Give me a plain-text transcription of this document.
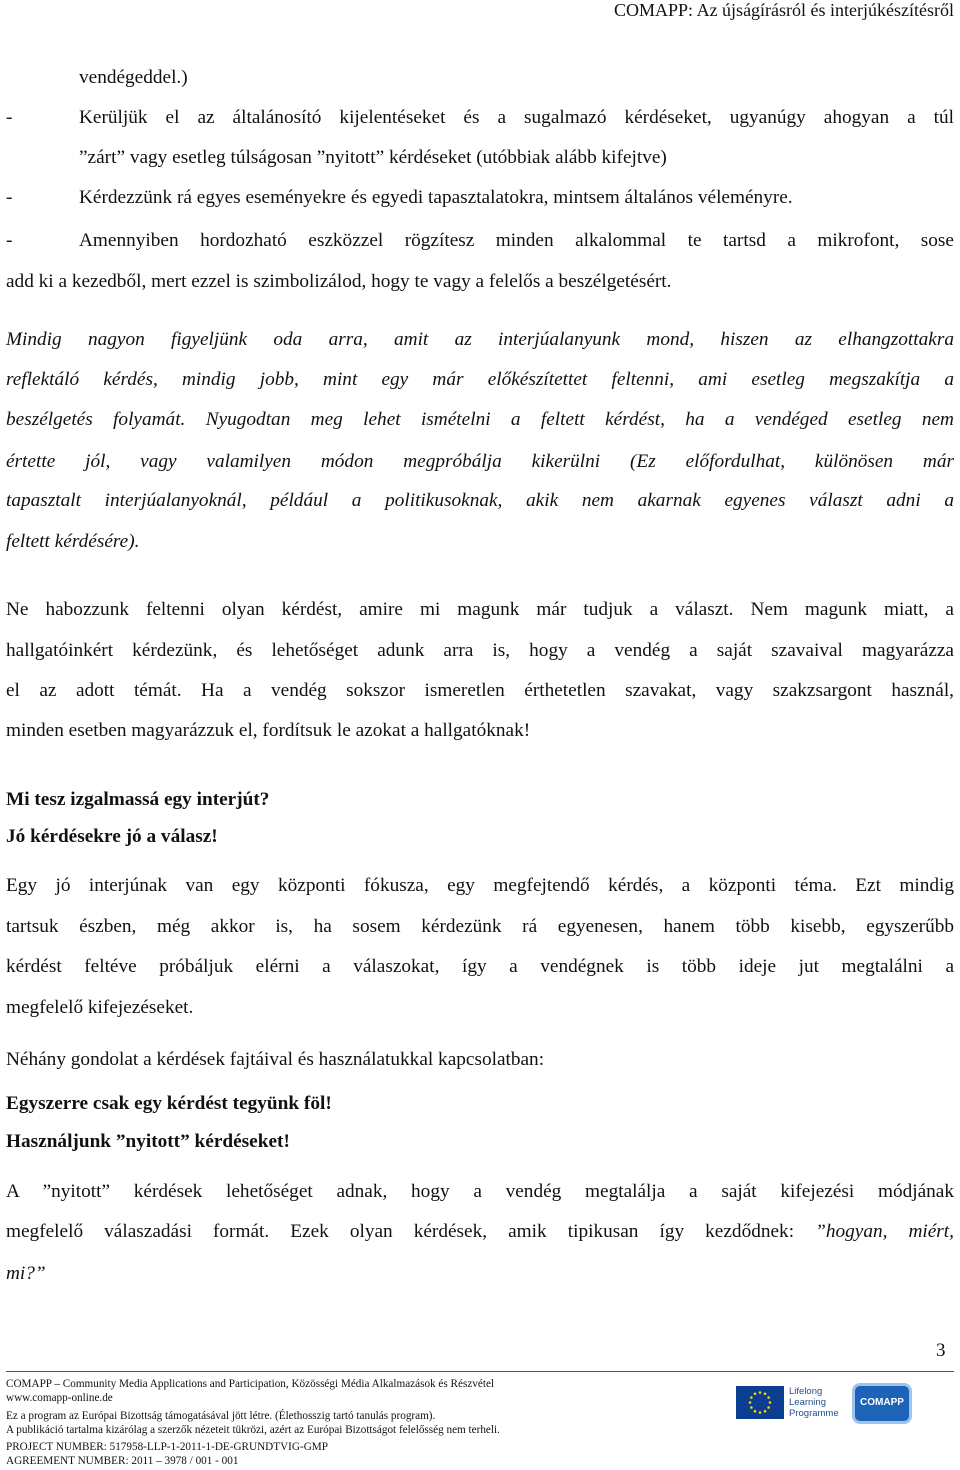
COMAPP: Az újságírásról és interjúkészítésről
vendégeddel.)
-	Kerüljük el az általánosító kijelentéseket és a sugalmazó kérdéseket, ugyanúgy ahogyan a túl
”zárt” vagy esetleg túlságosan ”nyitott” kérdéseket (utóbbiak alább kifejtve)
-	Kérdezzünk rá egyes eseményekre és egyedi tapasztalatokra, mintsem általános véleményre.
-	Amennyiben hordozható eszközzel rögzítesz minden alkalommal te tartsd a mikrofont, sose
add ki a kezedből, mert ezzel is szimbolizálod, hogy te vagy a felelős a beszélgetésért.
Mindig nagyon figyeljünk oda arra, amit az interjúalanyunk mond, hiszen az elhangzottakra
reflektáló kérdés, mindig jobb, mint egy már előkészítettet feltenni, ami esetleg megszakítja a
beszélgetés folyamát. Nyugodtan meg lehet ismételni a feltett kérdést, ha a vendéged esetleg nem
értette jól, vagy valamilyen módon megpróbálja kikerülni (Ez előfordulhat, különösen már
tapasztalt interjúalanyoknál, például a politikusoknak, akik nem akarnak egyenes választ adni a
feltett kérdésére).
Ne habozzunk feltenni olyan kérdést, amire mi magunk már tudjuk a választ. Nem magunk miatt, a
hallgatóinkért kérdezünk, és lehetőséget adunk arra is, hogy a vendég a saját szavaival magyarázza
el az adott témát. Ha a vendég sokszor ismeretlen érthetetlen szavakat, vagy szakzsargont használ,
minden esetben magyarázzuk el, fordítsuk le azokat a hallgatóknak!
Mi tesz izgalmassá egy interjút?
Jó kérdésekre jó a válasz!
Egy jó interjúnak van egy központi fókusza, egy megfejtendő kérdés, a központi téma. Ezt mindig
tartsuk észben, még akkor is, ha sosem kérdezünk rá egyenesen, hanem több kisebb, egyszerűbb
kérdést feltéve próbáljuk elérni a válaszokat, így a vendégnek is több ideje jut megtalálni a
megfelelő kifejezéseket.
Néhány gondolat a kérdések fajtáival és használatukkal kapcsolatban:
Egyszerre csak egy kérdést tegyünk föl!
Használjunk ”nyitott” kérdéseket!
A ”nyitott” kérdések lehetőséget adnak, hogy a vendég megtalálja a saját kifejezési módjának
megfelelő válaszadási formát. Ezek olyan kérdések, amik tipikusan így kezdődnek: ”hogyan, miért,
mi?”
3
COMAPP – Community Media Applications and Participation, Közösségi Média Alkalmazások és Részvétel
www.comapp-online.de
Ez a program az Európai Bizottság támogatásával jött létre. (Élethosszig tartó tanulás program).
A publikáció tartalma kizárólag a szerzők nézeteit tükrözi, azért az Európai Bizottságot felelősség nem terheli.
PROJECT NUMBER: 517958-LLP-1-2011-1-DE-GRUNDTVIG-GMP
AGREEMENT NUMBER: 2011 – 3978 / 001 - 001
Lifelong
Learning
Programme
COMAPP
